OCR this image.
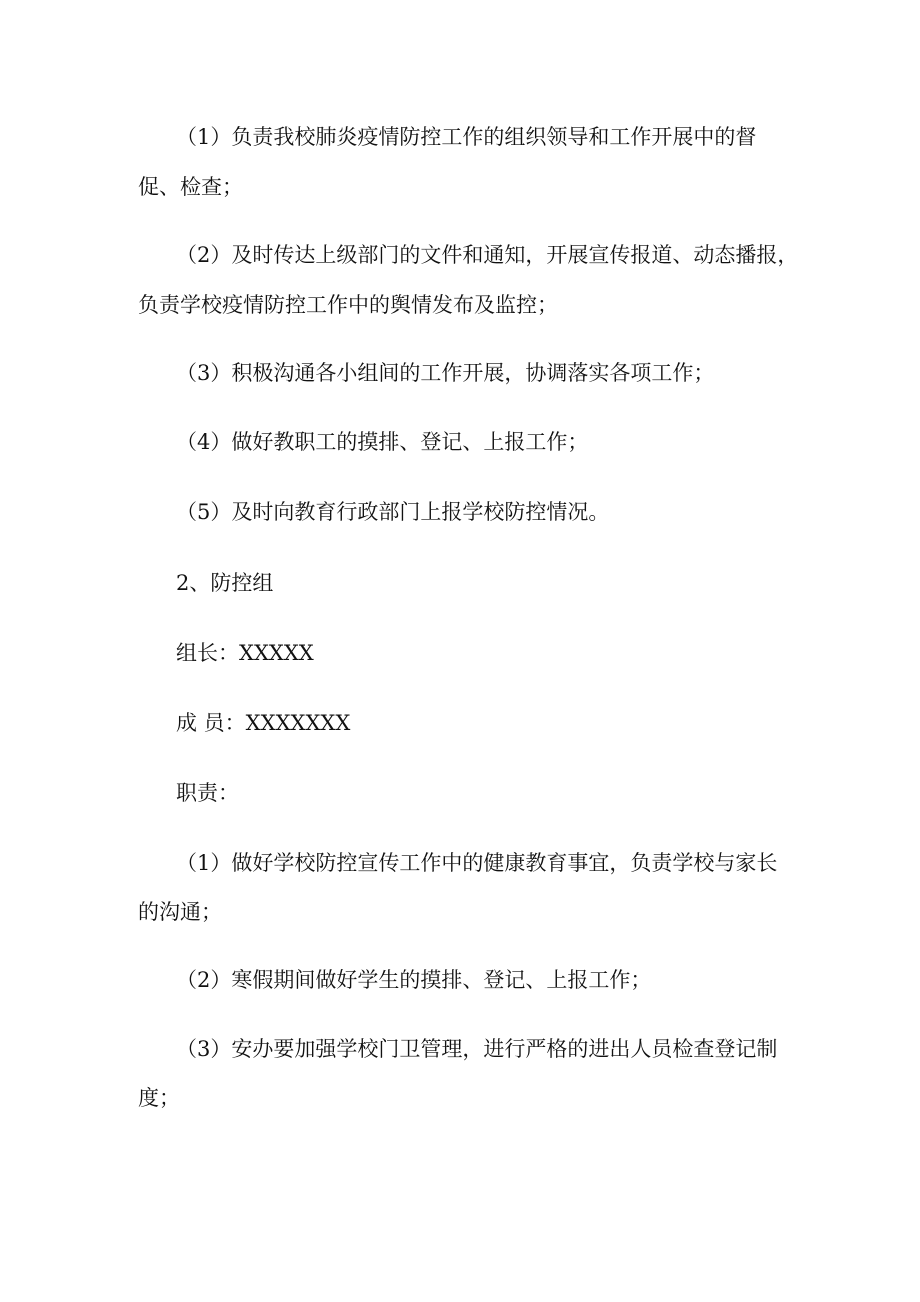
（1）负责我校肺炎疫情防控工作的组织领导和工作开展中的督
促、检查；
（2）及时传达上级部门的文件和通知，开展宣传报道、动态播报，
负责学校疫情防控工作中的舆情发布及监控；
（3）积极沟通各小组间的工作开展，协调落实各项工作；
（4）做好教职工的摸排、登记、上报工作；
（5）及时向教育行政部门上报学校防控情况。
2、防控组
组长：XXXXX
成 员：XXXXXXX
职责：
（1）做好学校防控宣传工作中的健康教育事宜，负责学校与家长
的沟通；
（2）寒假期间做好学生的摸排、登记、上报工作；
（3）安办要加强学校门卫管理，进行严格的进出人员检查登记制
度；
